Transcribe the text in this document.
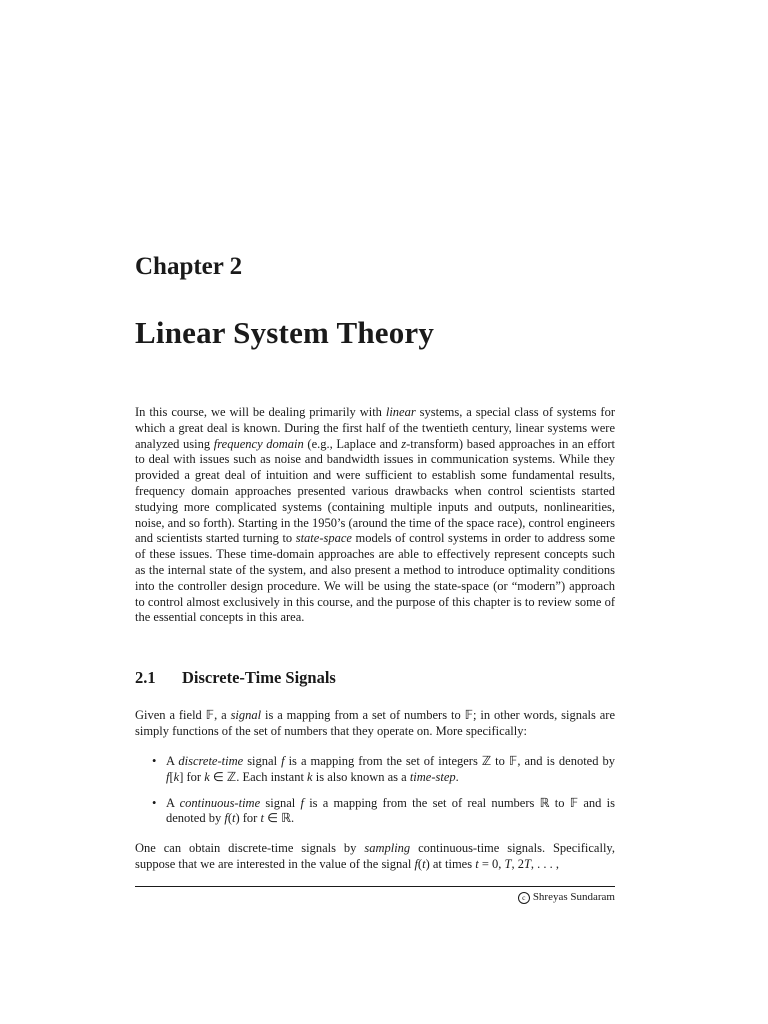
Chapter 2
Linear System Theory

In this course, we will be dealing primarily with linear systems, a special class of systems for which a great deal is known. During the first half of the twentieth century, linear systems were analyzed using frequency domain (e.g., Laplace and z-transform) based approaches in an effort to deal with issues such as noise and bandwidth issues in communication systems. While they provided a great deal of intuition and were sufficient to establish some fundamental results, frequency domain approaches presented various drawbacks when control scientists started studying more complicated systems (containing multiple inputs and outputs, nonlinearities, noise, and so forth). Starting in the 1950’s (around the time of the space race), control engineers and scientists started turning to state-space models of control systems in order to address some of these issues. These time-domain approaches are able to effectively represent concepts such as the internal state of the system, and also present a method to introduce optimality conditions into the controller design procedure. We will be using the state-space (or “modern”) approach to control almost exclusively in this course, and the purpose of this chapter is to review some of the essential concepts in this area.

2.1 Discrete-Time Signals

Given a field 𝔽, a signal is a mapping from a set of numbers to 𝔽; in other words, signals are simply functions of the set of numbers that they operate on. More specifically:

• A discrete-time signal f is a mapping from the set of integers ℤ to 𝔽, and is denoted by f[k] for k ∈ ℤ. Each instant k is also known as a time-step.
• A continuous-time signal f is a mapping from the set of real numbers ℝ to 𝔽 and is denoted by f(t) for t ∈ ℝ.

One can obtain discrete-time signals by sampling continuous-time signals. Specifically, suppose that we are interested in the value of the signal f(t) at times t = 0, T, 2T, . . . ,

c Shreyas Sundaram
